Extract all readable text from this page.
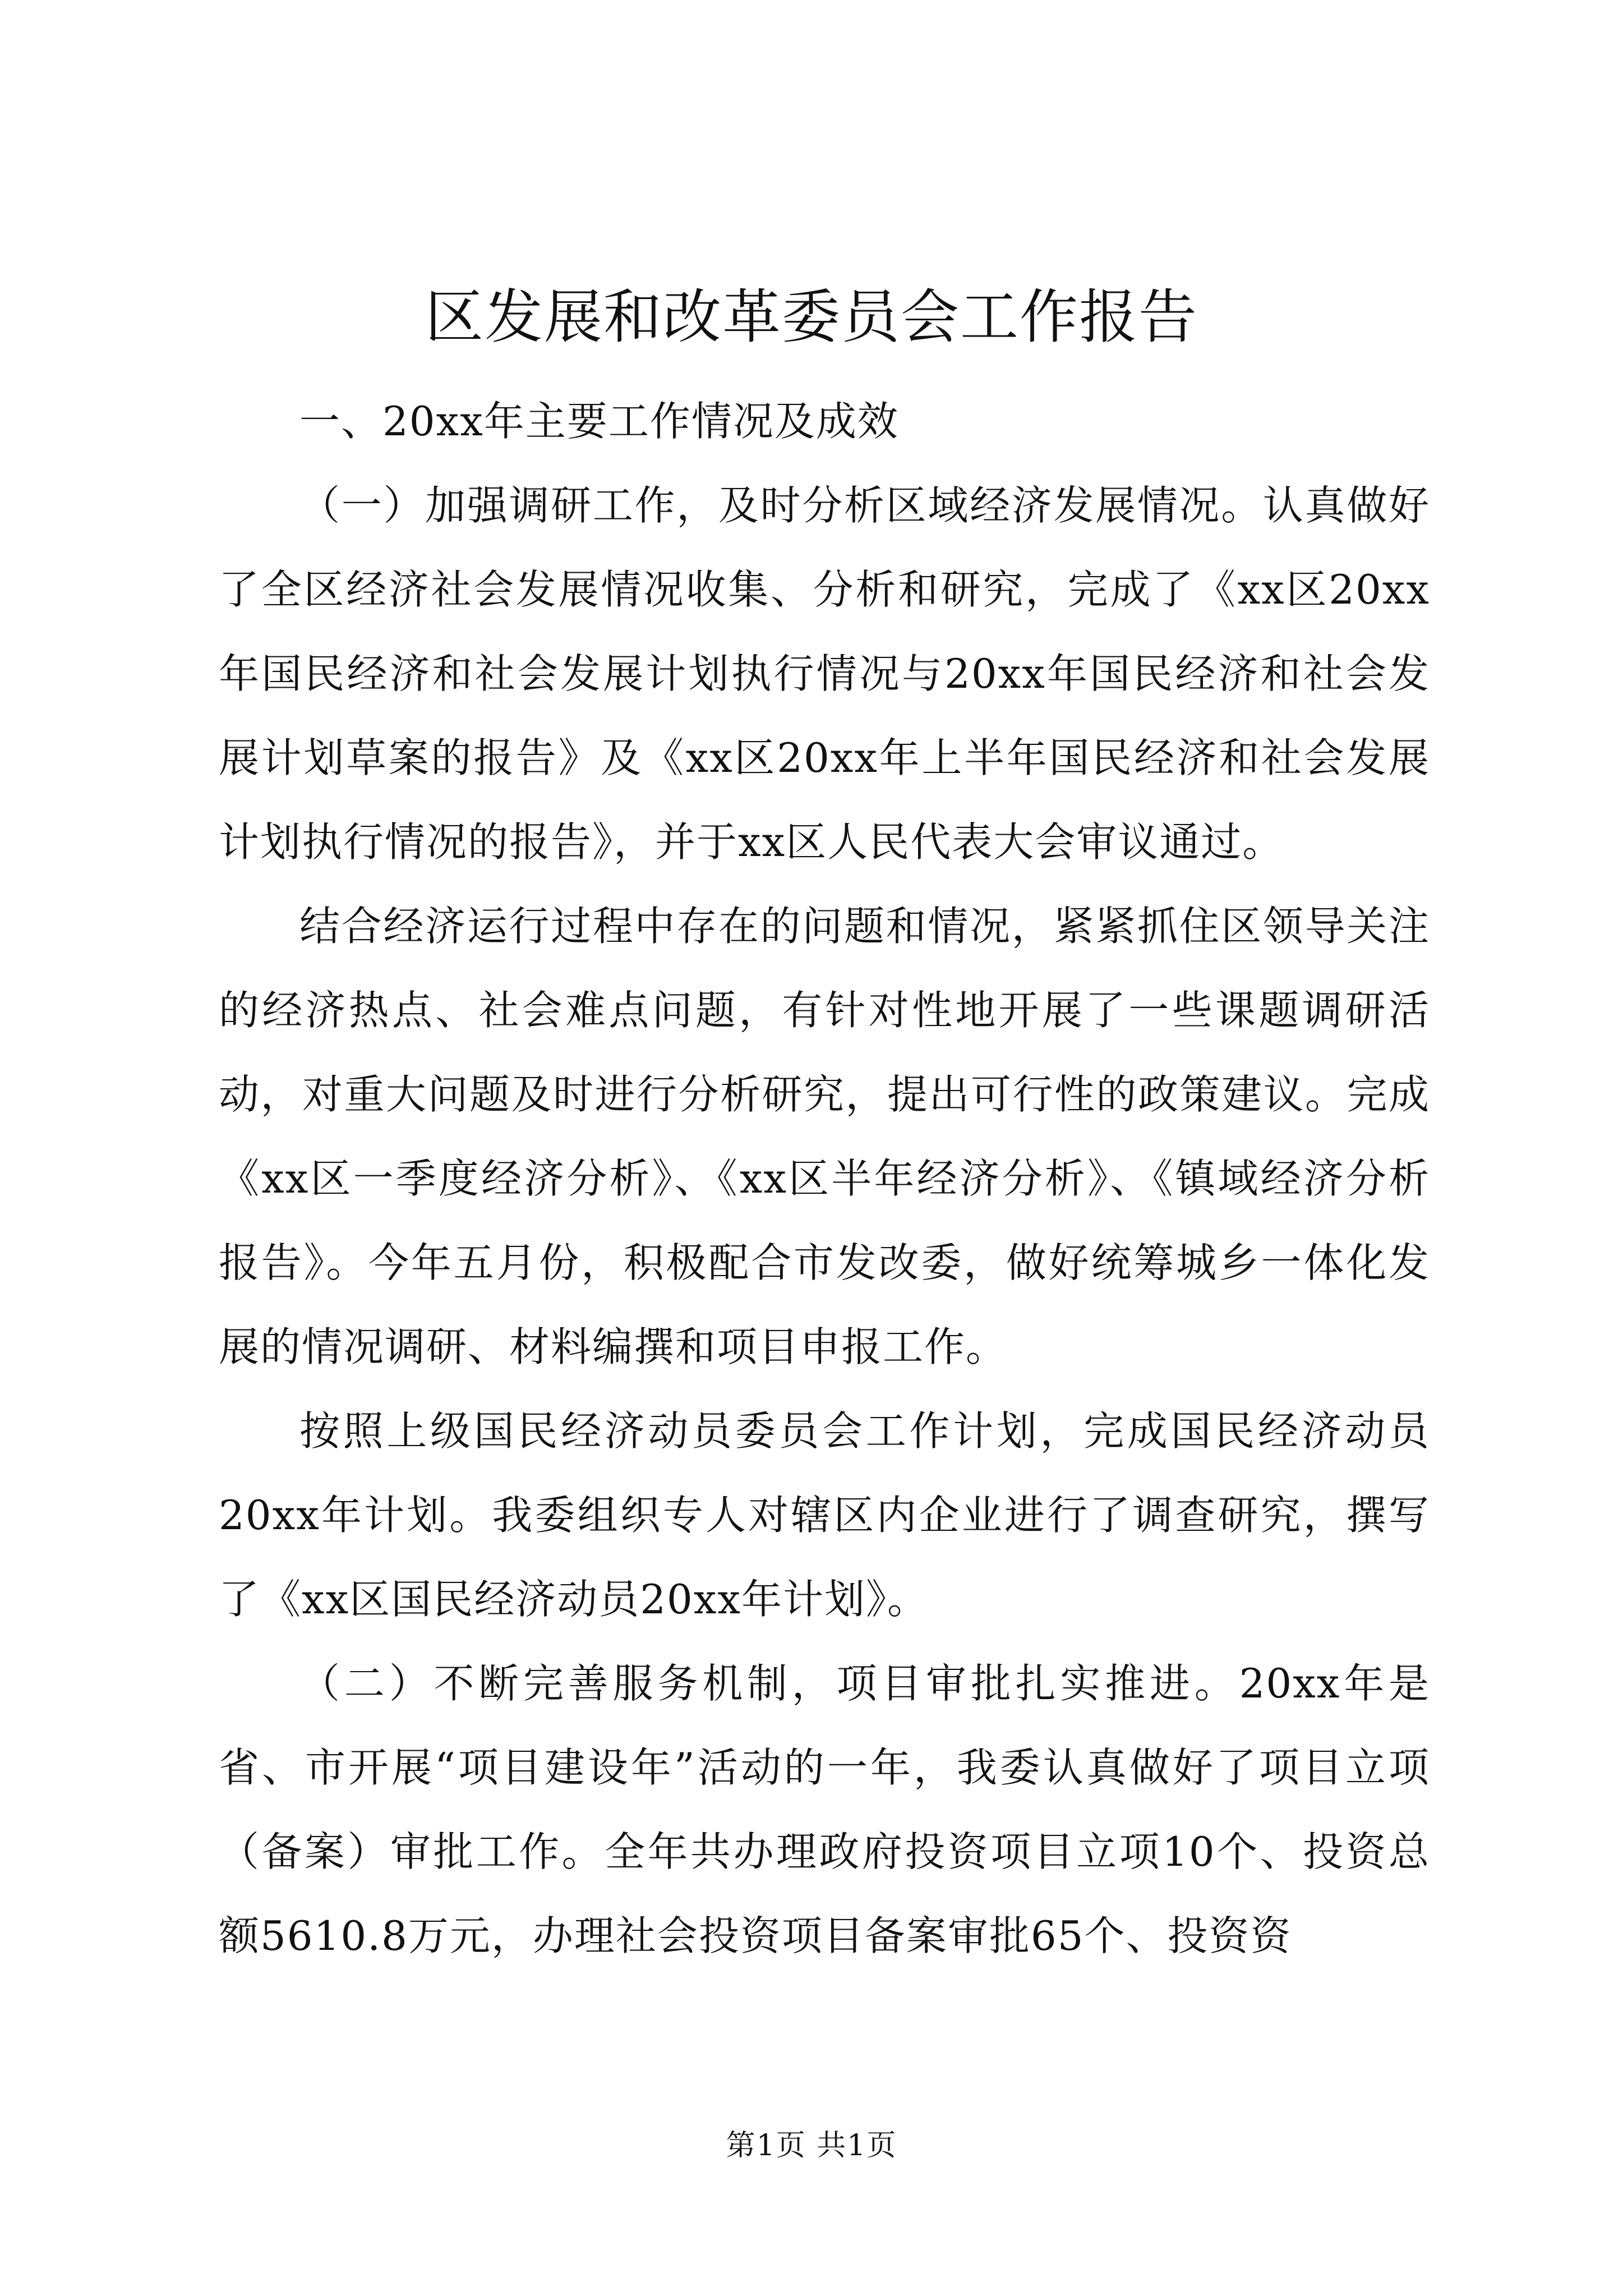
区发展和改革委员会工作报告

一、20xx年主要工作情况及成效

（一）加强调研工作，及时分析区域经济发展情况。认真做好了全区经济社会发展情况收集、分析和研究，完成了《xx区20xx年国民经济和社会发展计划执行情况与20xx年国民经济和社会发展计划草案的报告》及《xx区20xx年上半年国民经济和社会发展计划执行情况的报告》，并于xx区人民代表大会审议通过。

结合经济运行过程中存在的问题和情况，紧紧抓住区领导关注的经济热点、社会难点问题，有针对性地开展了一些课题调研活动，对重大问题及时进行分析研究，提出可行性的政策建议。完成《xx区一季度经济分析》、《xx区半年经济分析》、《镇域经济分析报告》。今年五月份，积极配合市发改委，做好统筹城乡一体化发展的情况调研、材料编撰和项目申报工作。

按照上级国民经济动员委员会工作计划，完成国民经济动员20xx年计划。我委组织专人对辖区内企业进行了调查研究，撰写了《xx区国民经济动员20xx年计划》。

（二）不断完善服务机制，项目审批扎实推进。20xx年是省、市开展“项目建设年”活动的一年，我委认真做好了项目立项（备案）审批工作。全年共办理政府投资项目立项10个、投资总额5610.8万元，办理社会投资项目备案审批65个、投资资

第1页 共1页
